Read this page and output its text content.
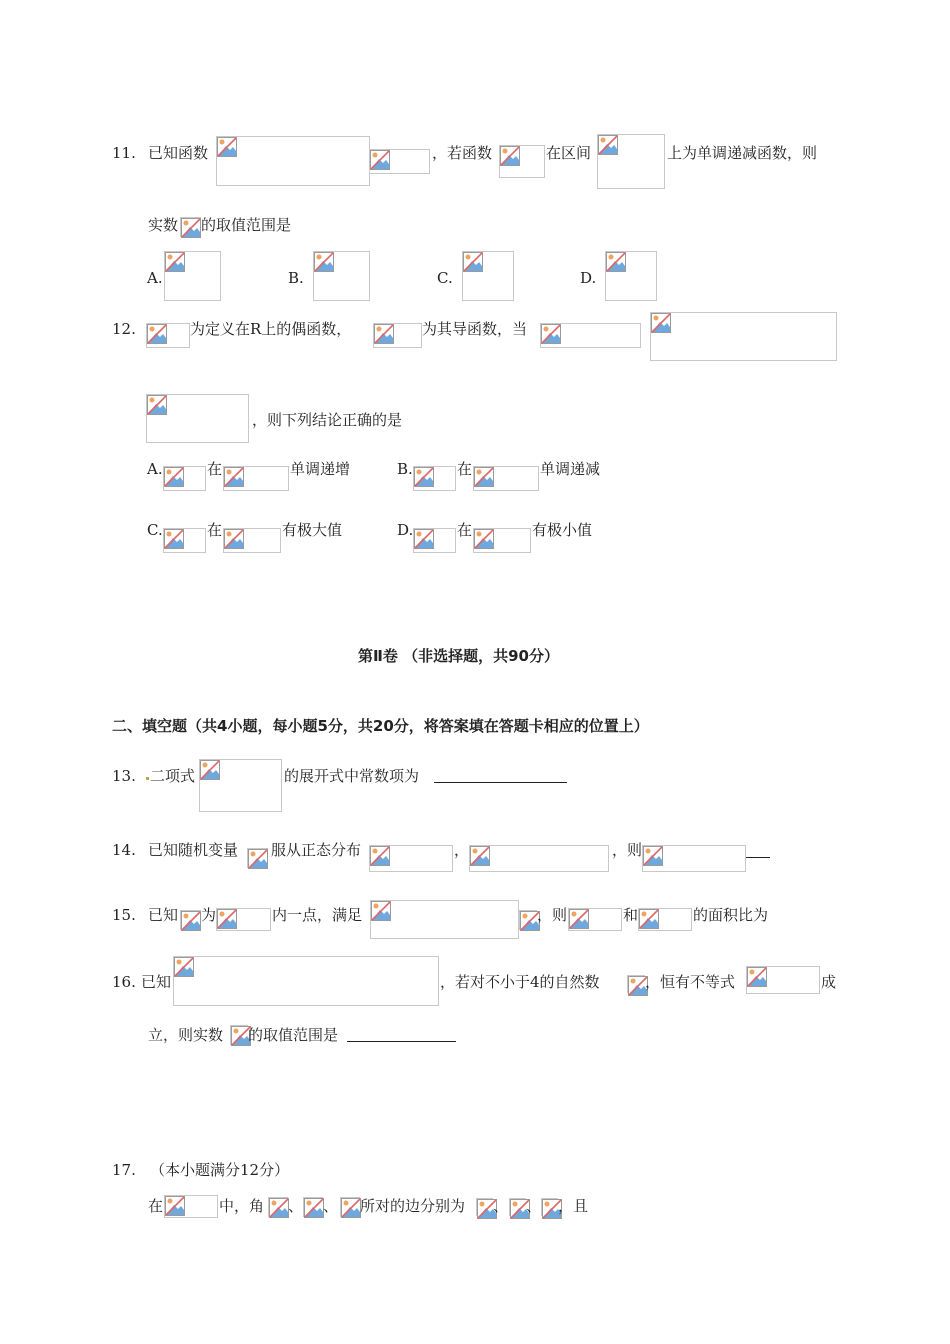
11. 已知函数	，若函数	在区间	上为单调递减函数，则
实数 的取值范围是
A.	B.	C.	D.
12.	为定义在R上的偶函数，	为其导函数，当
，则下列结论正确的是
A.	在	单调递增	B.	在	单调递减
C.	在	有极大值	D.	在	有极小值
第Ⅱ卷 （非选择题，共90分）
二、填空题（共4小题，每小题5分，共20分，将答案填在答题卡相应的位置上）
13. 二项式	的展开式中常数项为
14. 已知随机变量 服从正态分布	，	，则
15. 已知 为	内一点，满足	，则	和	的面积比为
16. 已知	，若对不小于4的自然数	，恒有不等式	成
立，则实数 的取值范围是
17. （本小题满分12分）
在	中，角 、 、 所对的边分别为 、 、 ，且
